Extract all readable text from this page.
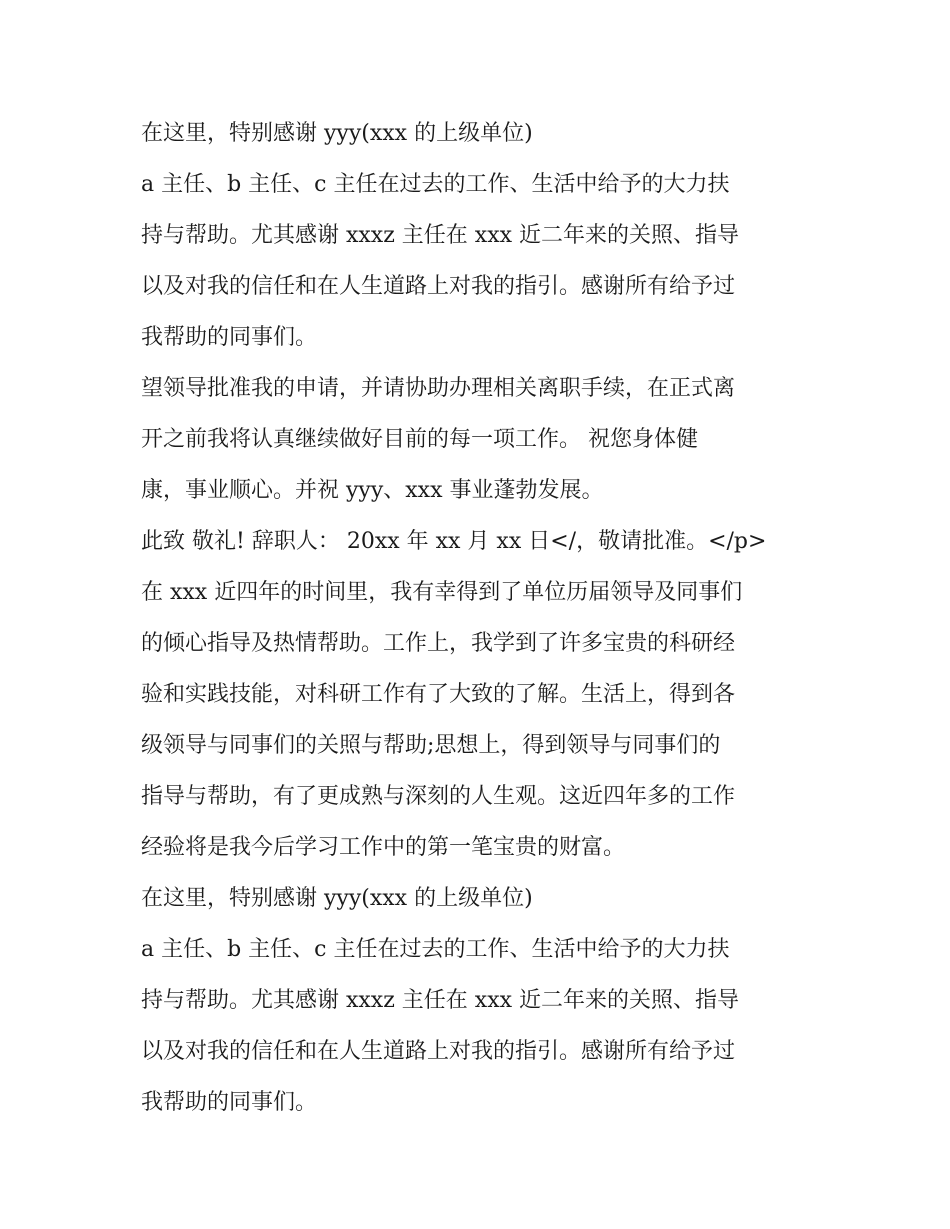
在这里，特别感谢 yyy(xxx 的上级单位)
a 主任、b 主任、c 主任在过去的工作、生活中给予的大力扶
持与帮助。尤其感谢 xxxz 主任在 xxx 近二年来的关照、指导
以及对我的信任和在人生道路上对我的指引。感谢所有给予过
我帮助的同事们。
望领导批准我的申请，并请协助办理相关离职手续，在正式离
开之前我将认真继续做好目前的每一项工作。 祝您身体健
康，事业顺心。并祝 yyy、xxx 事业蓬勃发展。
此致 敬礼! 辞职人： 20xx 年 xx 月 xx 日</，敬请批准。</p>
在 xxx 近四年的时间里，我有幸得到了单位历届领导及同事们
的倾心指导及热情帮助。工作上，我学到了许多宝贵的科研经
验和实践技能，对科研工作有了大致的了解。生活上，得到各
级领导与同事们的关照与帮助;思想上，得到领导与同事们的
指导与帮助，有了更成熟与深刻的人生观。这近四年多的工作
经验将是我今后学习工作中的第一笔宝贵的财富。
在这里，特别感谢 yyy(xxx 的上级单位)
a 主任、b 主任、c 主任在过去的工作、生活中给予的大力扶
持与帮助。尤其感谢 xxxz 主任在 xxx 近二年来的关照、指导
以及对我的信任和在人生道路上对我的指引。感谢所有给予过
我帮助的同事们。
